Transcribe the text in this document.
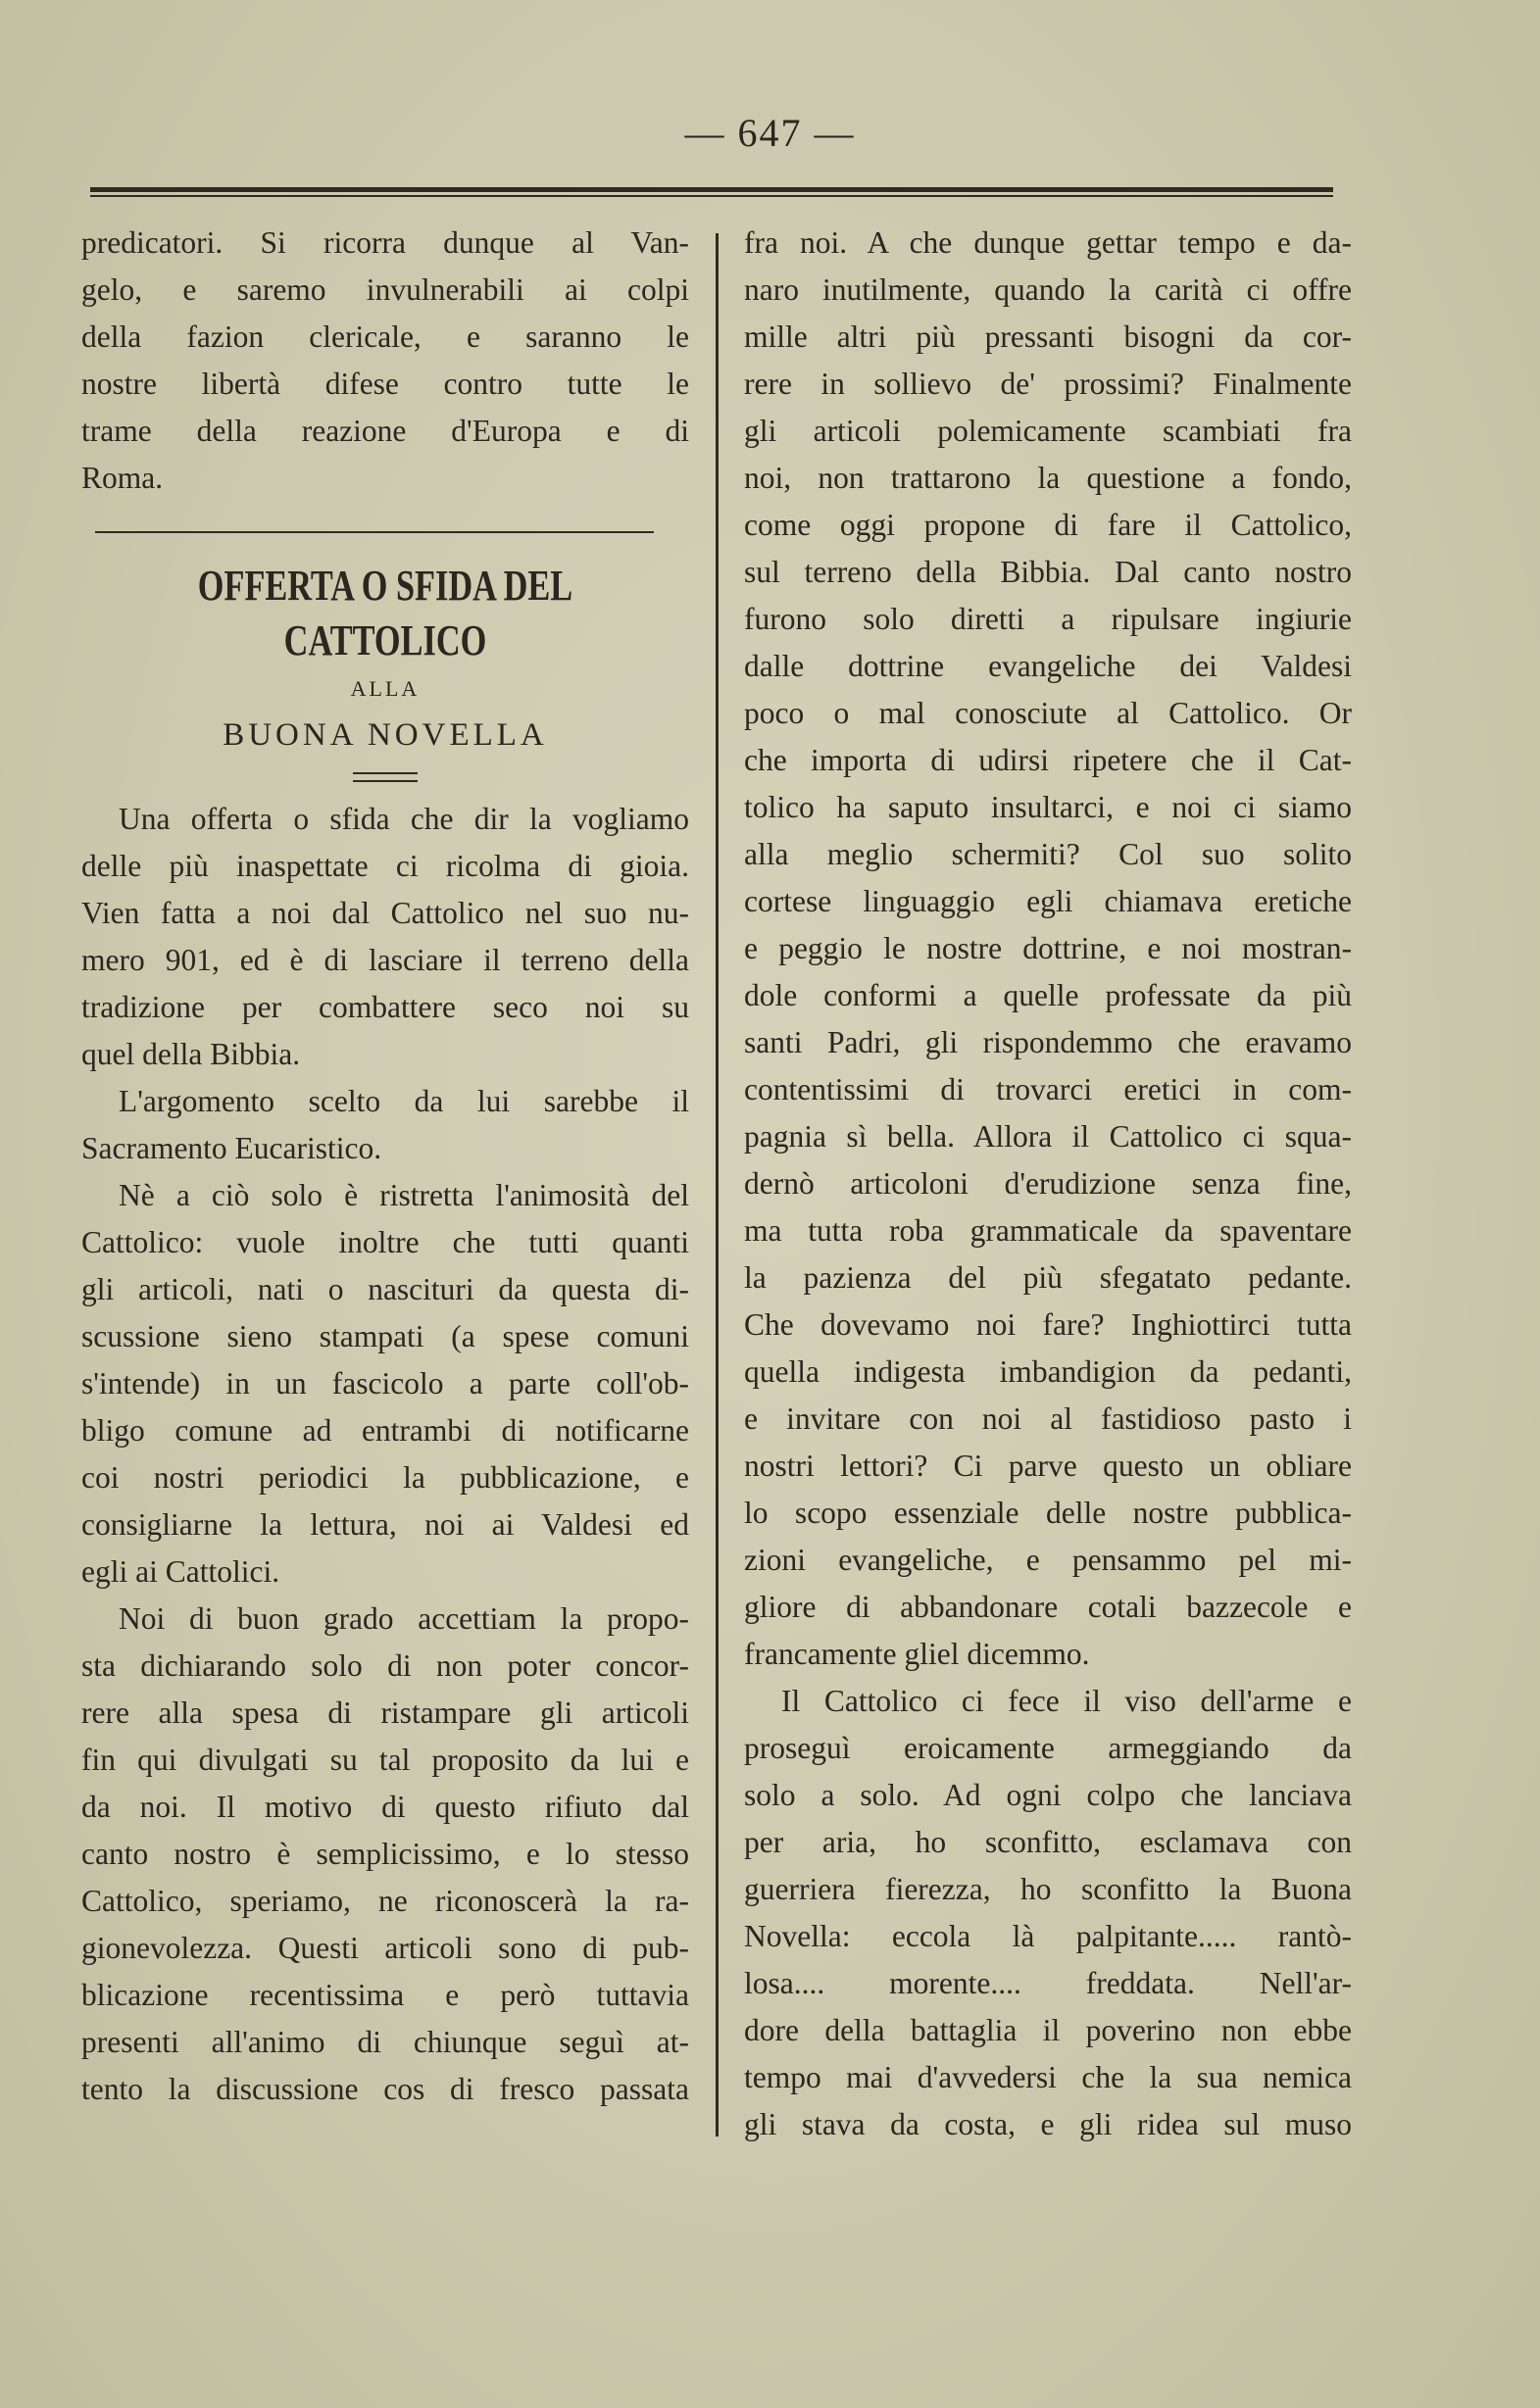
— 647 —
predicatori. Si ricorra dunque al Van-
gelo, e saremo invulnerabili ai colpi
della fazion clericale, e saranno le
nostre libertà difese contro tutte le
trame della reazione d'Europa e di
Roma.
OFFERTA O SFIDA DEL CATTOLICO
ALLA
BUONA NOVELLA
Una offerta o sfida che dir la vogliamo
delle più inaspettate ci ricolma di gioia.
Vien fatta a noi dal Cattolico nel suo nu-
mero 901, ed è di lasciare il terreno della
tradizione per combattere seco noi su
quel della Bibbia.
L'argomento scelto da lui sarebbe il
Sacramento Eucaristico.
Nè a ciò solo è ristretta l'animosità del
Cattolico: vuole inoltre che tutti quanti
gli articoli, nati o nascituri da questa di-
scussione sieno stampati (a spese comuni
s'intende) in un fascicolo a parte coll'ob-
bligo comune ad entrambi di notificarne
coi nostri periodici la pubblicazione, e
consigliarne la lettura, noi ai Valdesi ed
egli ai Cattolici.
Noi di buon grado accettiam la propo-
sta dichiarando solo di non poter concor-
rere alla spesa di ristampare gli articoli
fin qui divulgati su tal proposito da lui e
da noi. Il motivo di questo rifiuto dal
canto nostro è semplicissimo, e lo stesso
Cattolico, speriamo, ne riconoscerà la ra-
gionevolezza. Questi articoli sono di pub-
blicazione recentissima e però tuttavia
presenti all'animo di chiunque seguì at-
tento la discussione cos di fresco passata
fra noi. A che dunque gettar tempo e da-
naro inutilmente, quando la carità ci offre
mille altri più pressanti bisogni da cor-
rere in sollievo de' prossimi? Finalmente
gli articoli polemicamente scambiati fra
noi, non trattarono la questione a fondo,
come oggi propone di fare il Cattolico,
sul terreno della Bibbia. Dal canto nostro
furono solo diretti a ripulsare ingiurie
dalle dottrine evangeliche dei Valdesi
poco o mal conosciute al Cattolico. Or
che importa di udirsi ripetere che il Cat-
tolico ha saputo insultarci, e noi ci siamo
alla meglio schermiti? Col suo solito
cortese linguaggio egli chiamava eretiche
e peggio le nostre dottrine, e noi mostran-
dole conformi a quelle professate da più
santi Padri, gli rispondemmo che eravamo
contentissimi di trovarci eretici in com-
pagnia sì bella. Allora il Cattolico ci squa-
dernò articoloni d'erudizione senza fine,
ma tutta roba grammaticale da spaventare
la pazienza del più sfegatato pedante.
Che dovevamo noi fare? Inghiottirci tutta
quella indigesta imbandigion da pedanti,
e invitare con noi al fastidioso pasto i
nostri lettori? Ci parve questo un obliare
lo scopo essenziale delle nostre pubblica-
zioni evangeliche, e pensammo pel mi-
gliore di abbandonare cotali bazzecole e
francamente gliel dicemmo.
Il Cattolico ci fece il viso dell'arme e
proseguì eroicamente armeggiando da
solo a solo. Ad ogni colpo che lanciava
per aria, ho sconfitto, esclamava con
guerriera fierezza, ho sconfitto la Buona
Novella: eccola là palpitante..... rantò-
losa.... morente.... freddata. Nell'ar-
dore della battaglia il poverino non ebbe
tempo mai d'avvedersi che la sua nemica
gli stava da costa, e gli ridea sul muso
